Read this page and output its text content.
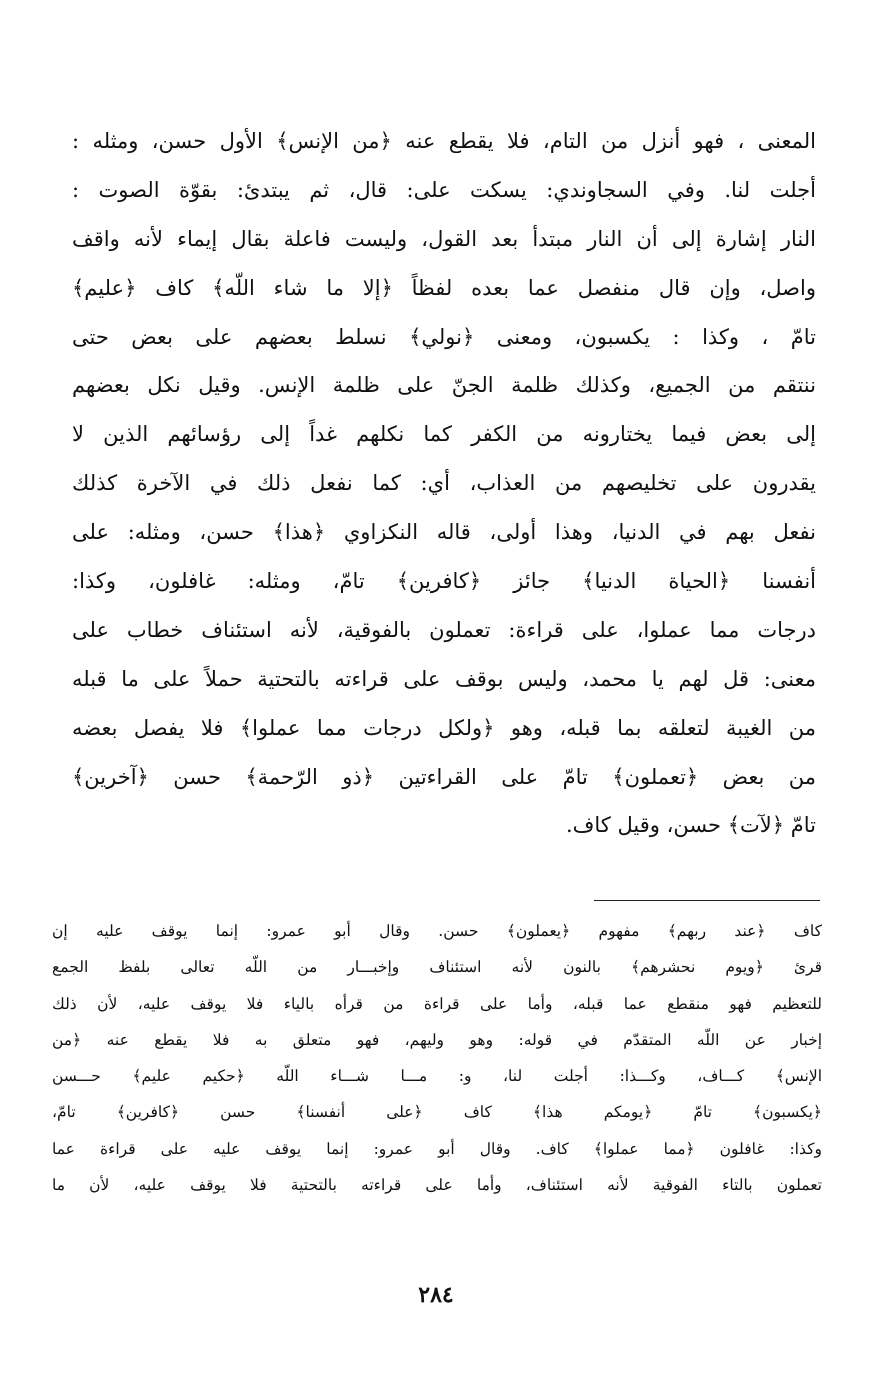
المعنى ، فهو أنزل من التام، فلا يقطع عنه ﴿من الإنس﴾ الأول حسن، ومثله :
أجلت لنا. وفي السجاوندي: يسكت على: قال، ثم يبتدئ: بقوّة الصوت :
النار إشارة إلى أن النار مبتدأ بعد القول، وليست فاعلة بقال إيماء لأنه واقف
واصل، وإن قال منفصل عما بعده لفظاً ﴿إلا ما شاء اللّه﴾ كاف ﴿عليم﴾
تامّ ، وكذا : يكسبون، ومعنى ﴿نولي﴾ نسلط بعضهم على بعض حتى
ننتقم من الجميع، وكذلك ظلمة الجنّ على ظلمة الإنس. وقيل نكل بعضهم
إلى بعض فيما يختارونه من الكفر كما نكلهم غداً إلى رؤسائهم الذين لا
يقدرون على تخليصهم من العذاب، أي: كما نفعل ذلك في الآخرة كذلك
نفعل بهم في الدنيا، وهذا أولى، قاله النكزاوي ﴿هذا﴾ حسن، ومثله: على
أنفسنا ﴿الحياة الدنيا﴾ جائز ﴿كافرين﴾ تامّ، ومثله: غافلون، وكذا:
درجات مما عملوا، على قراءة: تعملون بالفوقية، لأنه استئناف خطاب على
معنى: قل لهم يا محمد، وليس بوقف على قراءته بالتحتية حملاً على ما قبله
من الغيبة لتعلقه بما قبله، وهو ﴿ولكل درجات مما عملوا﴾ فلا يفصل بعضه
من بعض ﴿تعملون﴾ تامّ على القراءتين ﴿ذو الرّحمة﴾ حسن ﴿آخرين﴾
تامّ ﴿لآت﴾ حسن، وقيل كاف.
كاف ﴿عند ربهم﴾ مفهوم ﴿يعملون﴾ حسن. وقال أبو عمرو: إنما يوقف عليه إن
قرئ ﴿ويوم نحشرهم﴾ بالنون لأنه استئناف وإخبـــار من اللّه تعالى بلفظ الجمع
للتعظيم فهو منقطع عما قبله، وأما على قراءة من قرأه بالياء فلا يوقف عليه، لأن ذلك
إخبار عن اللّه المتقدّم في قوله: وهو وليهم، فهو متعلق به فلا يقطع عنه ﴿من
الإنس﴾ كـــاف، وكـــذا: أجلت لنا، و: مـــا شـــاء اللّه ﴿حكيم عليم﴾ حـــسن
﴿يكسبون﴾ تامّ ﴿يومكم هذا﴾ كاف ﴿على أنفسنا﴾ حسن ﴿كافرين﴾ تامّ،
وكذا: غافلون ﴿مما عملوا﴾ كاف. وقال أبو عمرو: إنما يوقف عليه على قراءة عما
تعملون بالتاء الفوقية لأنه استئناف، وأما على قراءته بالتحتية فلا يوقف عليه، لأن ما
٢٨٤
